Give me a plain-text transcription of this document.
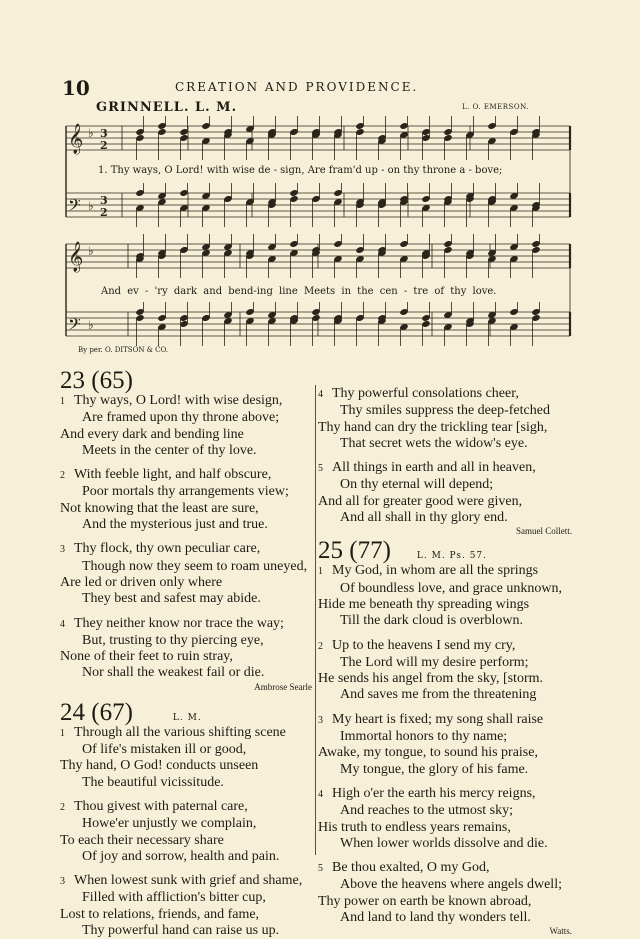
10	CREATION AND PROVIDENCE.
GRINNELL. L. M.	L. O. EMERSON.
𝄞 ♭ 3
2
𝄢 ♭ 3
2
𝄞 ♭
𝄢 ♭
1. Thy ways, O Lord! with wise de - sign, Are fram'd up - on thy throne a - bove;
And ev - 'ry dark and bend-ing line Meets in the cen - tre of thy love.
By per. O. DITSON & CO.
23 (65)
1 Thy ways, O Lord! with wise design,
Are framed upon thy throne above;
And every dark and bending line
Meets in the center of thy love.
2 With feeble light, and half obscure,
Poor mortals thy arrangements view;
Not knowing that the least are sure,
And the mysterious just and true.
3 Thy flock, thy own peculiar care,
Though now they seem to roam uneyed,
Are led or driven only where
They best and safest may abide.
4 They neither know nor trace the way;
But, trusting to thy piercing eye,
None of their feet to ruin stray,
Nor shall the weakest fail or die.
Ambrose Searle
24 (67)	L. M.
1 Through all the various shifting scene
Of life's mistaken ill or good,
Thy hand, O God! conducts unseen
The beautiful vicissitude.
2 Thou givest with paternal care,
Howe'er unjustly we complain,
To each their necessary share
Of joy and sorrow, health and pain.
3 When lowest sunk with grief and shame,
Filled with affliction's bitter cup,
Lost to relations, friends, and fame,
Thy powerful hand can raise us up.
4 Thy powerful consolations cheer,
Thy smiles suppress the deep-fetched
Thy hand can dry the trickling tear [sigh,
That secret wets the widow's eye.
5 All things in earth and all in heaven,
On thy eternal will depend;
And all for greater good were given,
And all shall in thy glory end.
Samuel Collett.
25 (77)	L. M. Ps. 57.
1 My God, in whom are all the springs
Of boundless love, and grace unknown,
Hide me beneath thy spreading wings
Till the dark cloud is overblown.
2 Up to the heavens I send my cry,
The Lord will my desire perform;
He sends his angel from the sky, [storm.
And saves me from the threatening
3 My heart is fixed; my song shall raise
Immortal honors to thy name;
Awake, my tongue, to sound his praise,
My tongue, the glory of his fame.
4 High o'er the earth his mercy reigns,
And reaches to the utmost sky;
His truth to endless years remains,
When lower worlds dissolve and die.
5 Be thou exalted, O my God,
Above the heavens where angels dwell;
Thy power on earth be known abroad,
And land to land thy wonders tell.
Watts.
